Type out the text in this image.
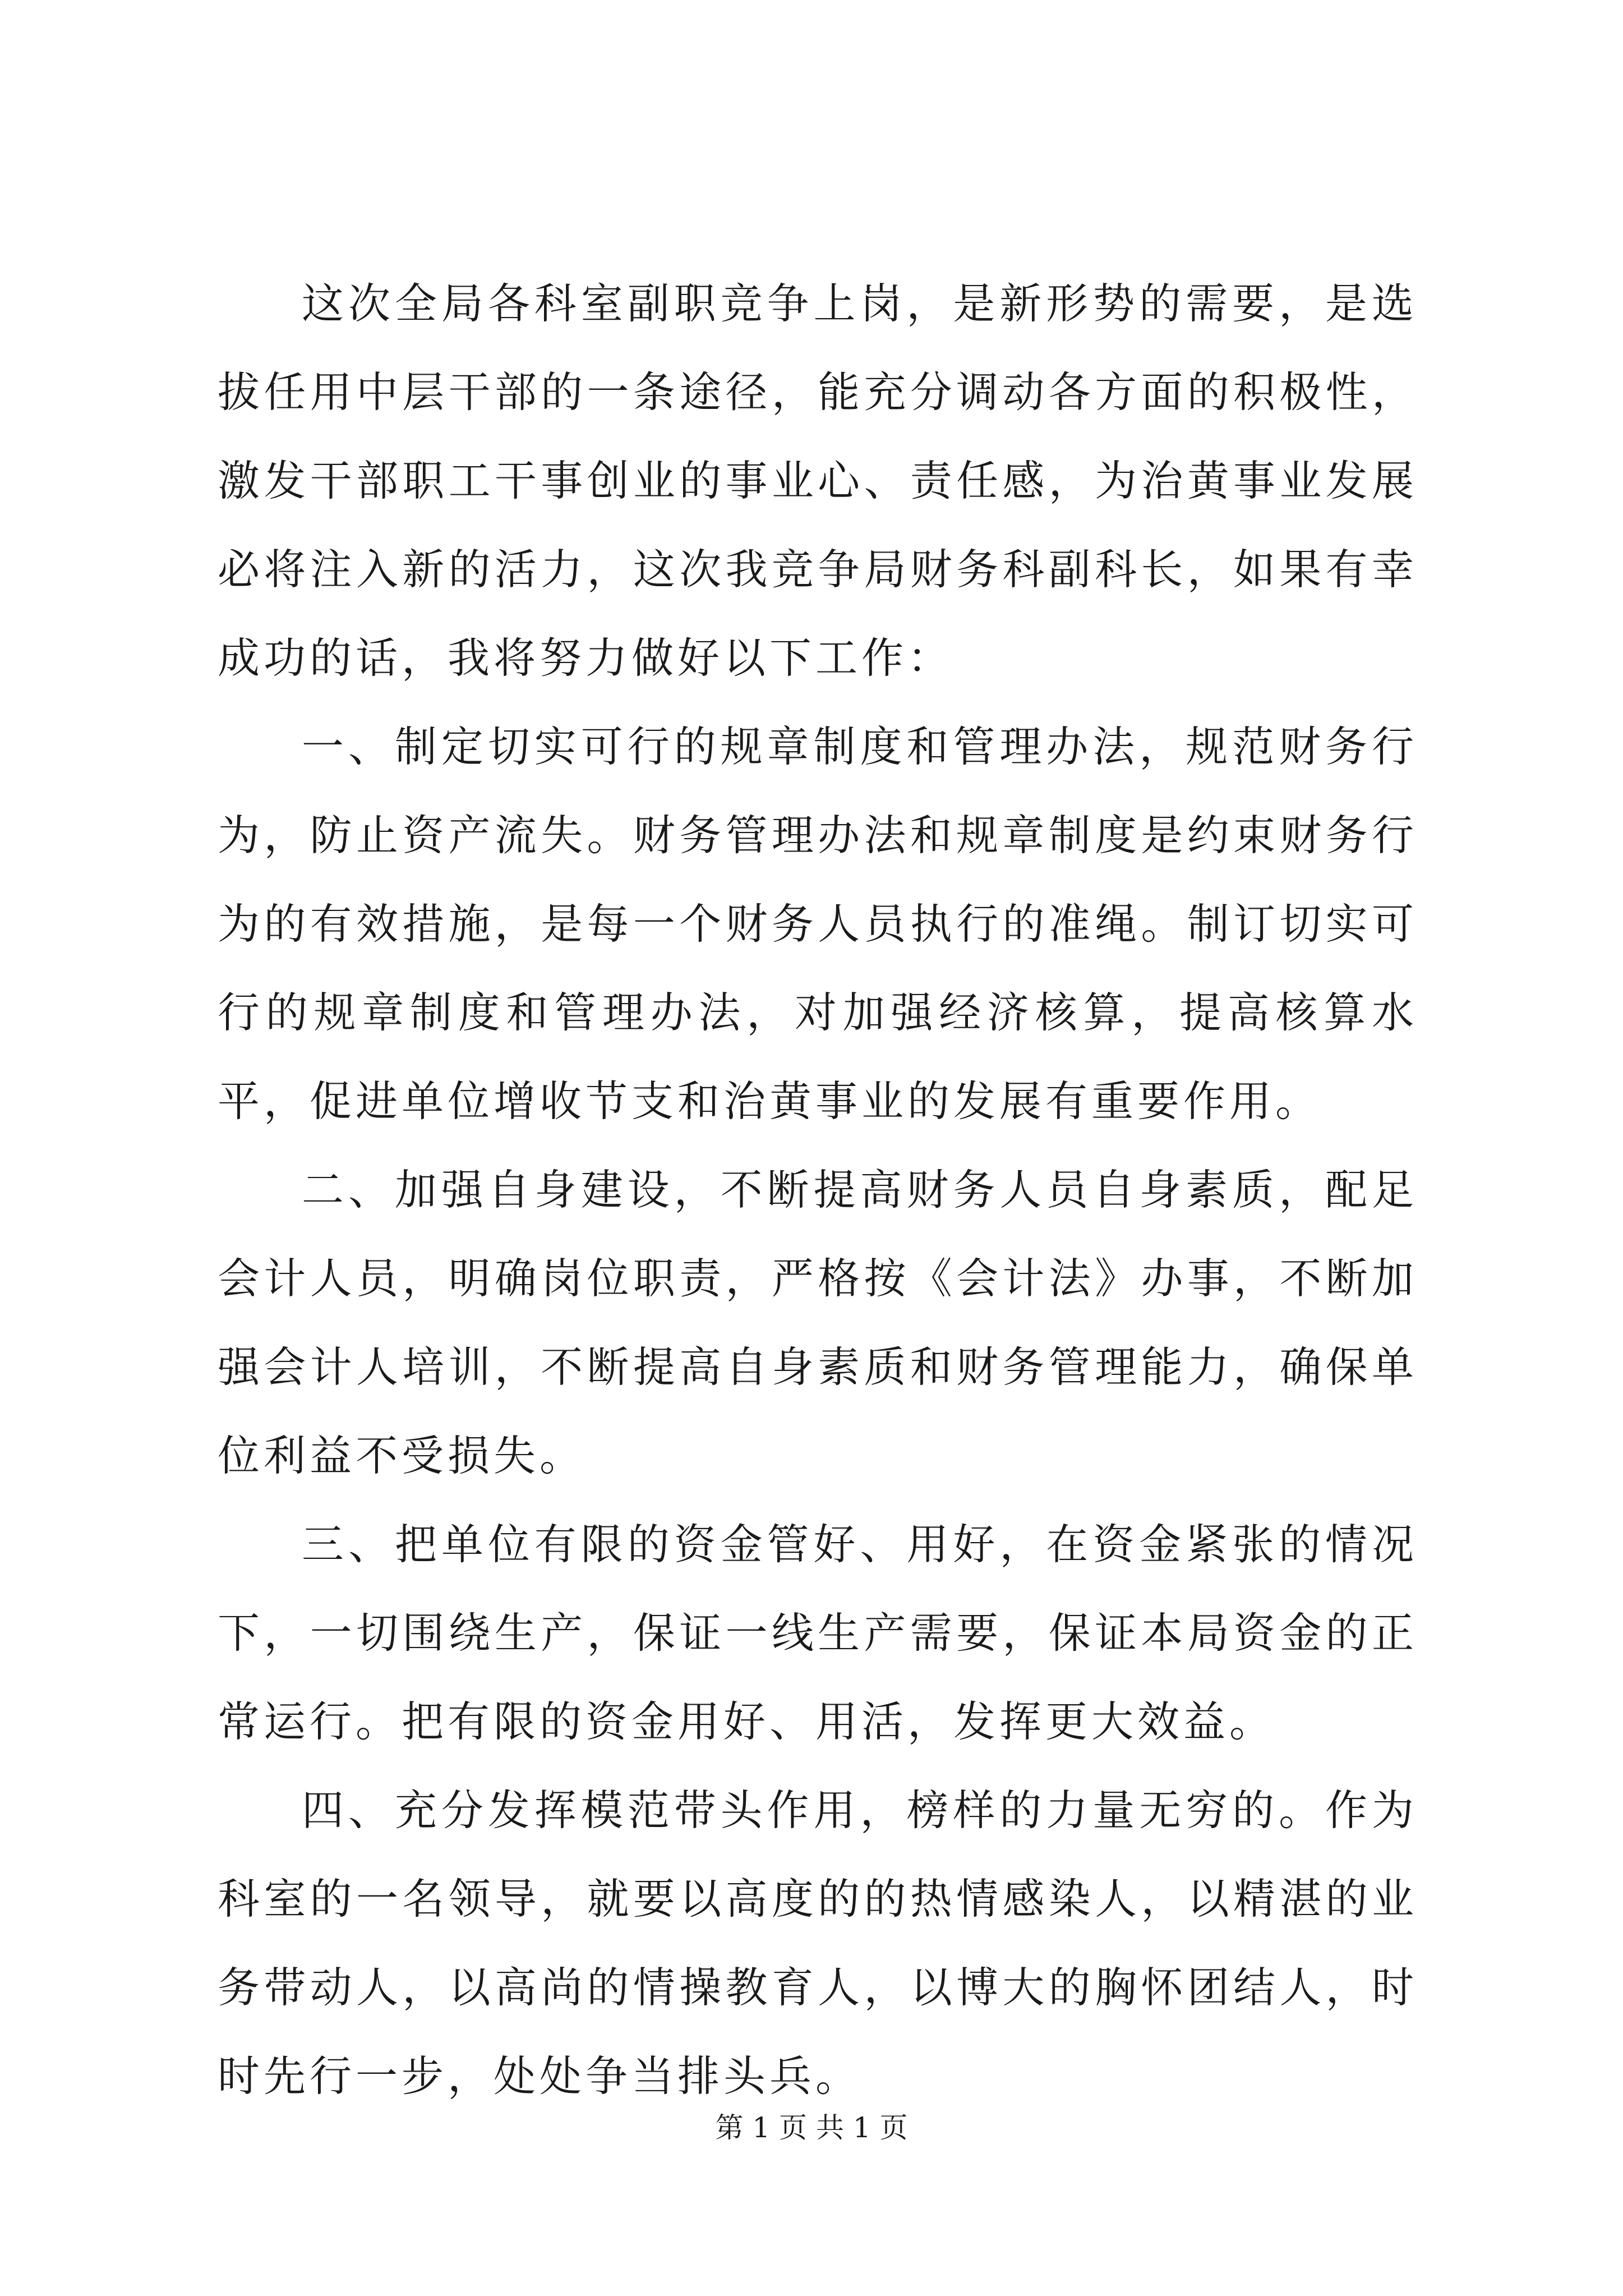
这次全局各科室副职竞争上岗，是新形势的需要，是选拔任用中层干部的一条途径，能充分调动各方面的积极性，激发干部职工干事创业的事业心、责任感，为治黄事业发展必将注入新的活力，这次我竞争局财务科副科长，如果有幸成功的话，我将努力做好以下工作：

一、制定切实可行的规章制度和管理办法，规范财务行为，防止资产流失。财务管理办法和规章制度是约束财务行为的有效措施，是每一个财务人员执行的准绳。制订切实可行的规章制度和管理办法，对加强经济核算，提高核算水平，促进单位增收节支和治黄事业的发展有重要作用。

二、加强自身建设，不断提高财务人员自身素质，配足会计人员，明确岗位职责，严格按《会计法》办事，不断加强会计人培训，不断提高自身素质和财务管理能力，确保单位利益不受损失。

三、把单位有限的资金管好、用好，在资金紧张的情况下，一切围绕生产，保证一线生产需要，保证本局资金的正常运行。把有限的资金用好、用活，发挥更大效益。

四、充分发挥模范带头作用，榜样的力量无穷的。作为科室的一名领导，就要以高度的的热情感染人，以精湛的业务带动人，以高尚的情操教育人，以博大的胸怀团结人，时时先行一步，处处争当排头兵。

第 1 页 共 1 页
